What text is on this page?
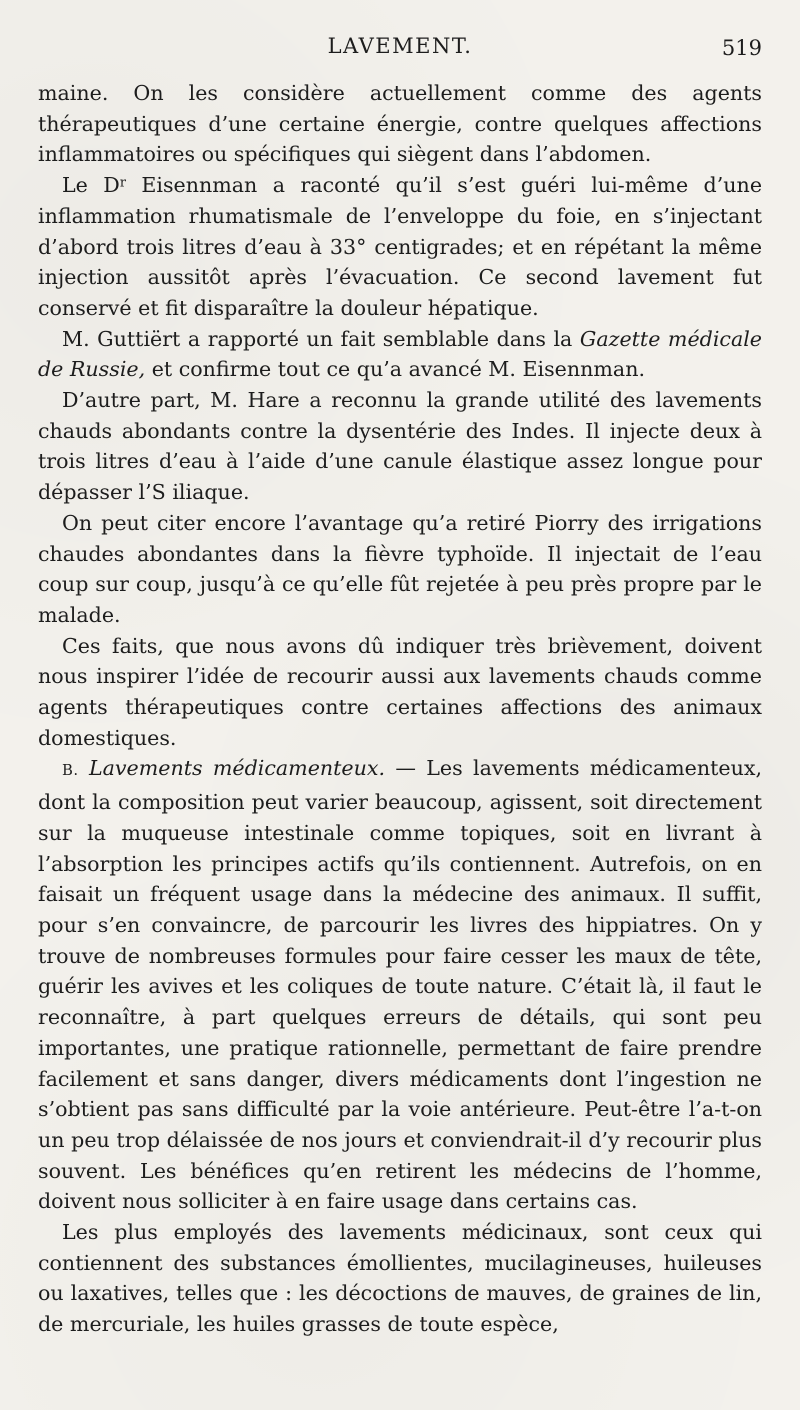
LAVEMENT.	519

maine. On les considère actuellement comme des agents thérapeutiques d’une certaine énergie, contre quelques affections inflammatoires ou spécifiques qui siègent dans l’abdomen.

Le $D^r$ Eisennman a raconté qu’il s’est guéri lui-même d’une inflammation rhumatismale de l’enveloppe du foie, en s’injectant d’abord trois litres d’eau à 33° centigrades; et en répétant la même injection aussitôt après l’évacuation. Ce second lavement fut conservé et fit disparaître la douleur hépatique.

M. Guttiërt a rapporté un fait semblable dans la Gazette médicale de Russie, et confirme tout ce qu’a avancé M. Eisennman.

D’autre part, M. Hare a reconnu la grande utilité des lavements chauds abondants contre la dysentérie des Indes. Il injecte deux à trois litres d’eau à l’aide d’une canule élastique assez longue pour dépasser l’S iliaque.

On peut citer encore l’avantage qu’a retiré Piorry des irrigations chaudes abondantes dans la fièvre typhoïde. Il injectait de l’eau coup sur coup, jusqu’à ce qu’elle fût rejetée à peu près propre par le malade.

Ces faits, que nous avons dû indiquer très brièvement, doivent nous inspirer l’idée de recourir aussi aux lavements chauds comme agents thérapeutiques contre certaines affections des animaux domestiques.

B. Lavements médicamenteux. — Les lavements médicamenteux, dont la composition peut varier beaucoup, agissent, soit directement sur la muqueuse intestinale comme topiques, soit en livrant à l’absorption les principes actifs qu’ils contiennent. Autrefois, on en faisait un fréquent usage dans la médecine des animaux. Il suffit, pour s’en convaincre, de parcourir les livres des hippiatres. On y trouve de nombreuses formules pour faire cesser les maux de tête, guérir les avives et les coliques de toute nature. C’était là, il faut le reconnaître, à part quelques erreurs de détails, qui sont peu importantes, une pratique rationnelle, permettant de faire prendre facilement et sans danger, divers médicaments dont l’ingestion ne s’obtient pas sans difficulté par la voie antérieure. Peut-être l’a-t-on un peu trop délaissée de nos jours et conviendrait-il d’y recourir plus souvent. Les bénéfices qu’en retirent les médecins de l’homme, doivent nous solliciter à en faire usage dans certains cas.

Les plus employés des lavements médicinaux, sont ceux qui contiennent des substances émollientes, mucilagineuses, huileuses ou laxatives, telles que : les décoctions de mauves, de graines de lin, de mercuriale, les huiles grasses de toute espèce,
